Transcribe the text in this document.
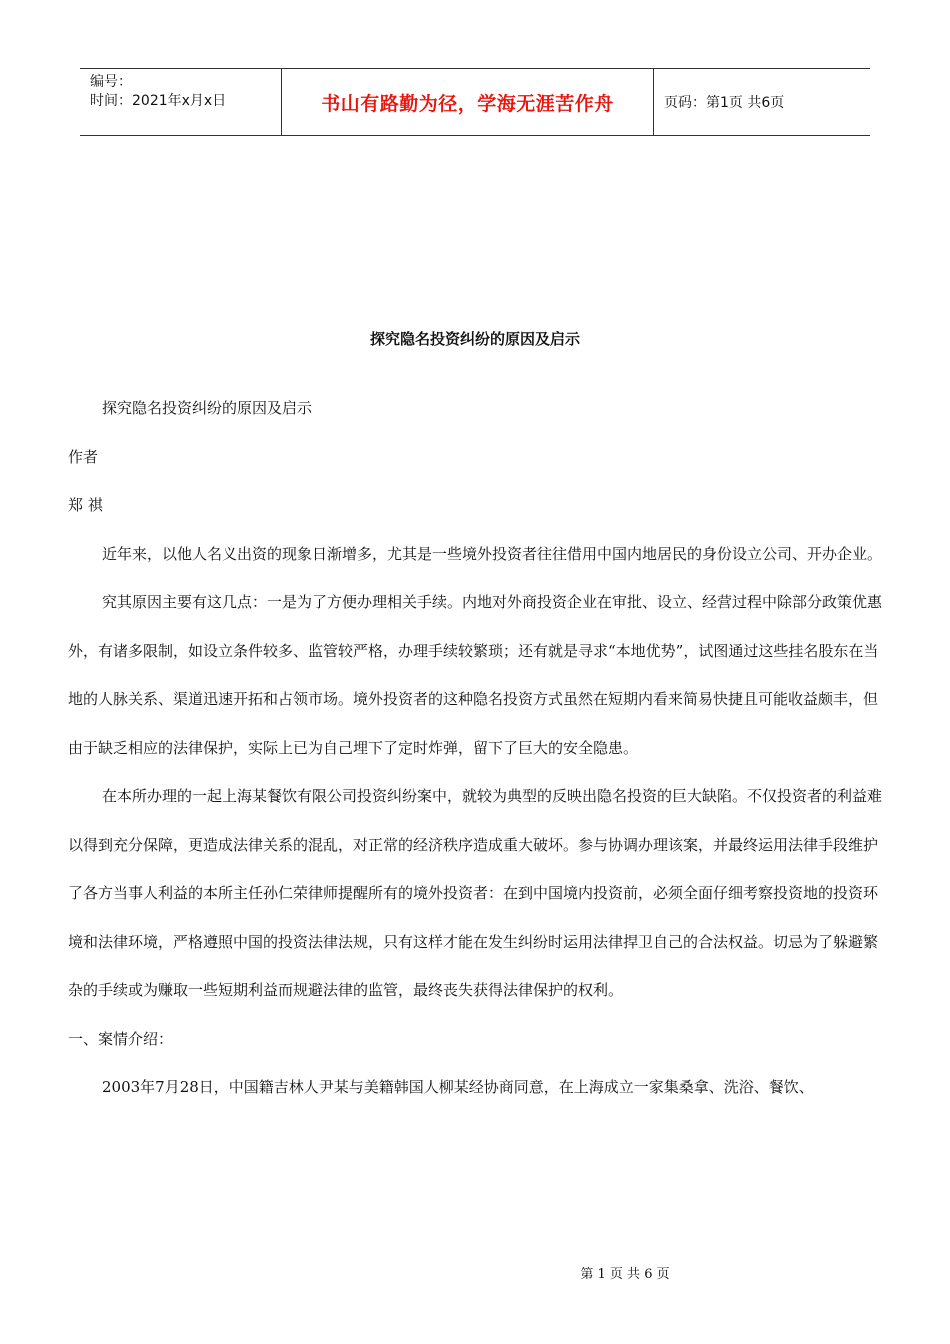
编号：
时间：2021年x月x日	书山有路勤为径，学海无涯苦作舟	页码：第1页 共6页
探究隐名投资纠纷的原因及启示

探究隐名投资纠纷的原因及启示

作者

郑 祺

近年来，以他人名义出资的现象日渐增多，尤其是一些境外投资者往往借用中国内地居民的身份设立公司、开办企业。

究其原因主要有这几点：一是为了方便办理相关手续。内地对外商投资企业在审批、设立、经营过程中除部分政策优惠外，有诸多限制，如设立条件较多、监管较严格，办理手续较繁琐；还有就是寻求“本地优势”，试图通过这些挂名股东在当地的人脉关系、渠道迅速开拓和占领市场。境外投资者的这种隐名投资方式虽然在短期内看来简易快捷且可能收益颇丰，但由于缺乏相应的法律保护，实际上已为自己埋下了定时炸弹，留下了巨大的安全隐患。

在本所办理的一起上海某餐饮有限公司投资纠纷案中，就较为典型的反映出隐名投资的巨大缺陷。不仅投资者的利益难以得到充分保障，更造成法律关系的混乱，对正常的经济秩序造成重大破坏。参与协调办理该案，并最终运用法律手段维护了各方当事人利益的本所主任孙仁荣律师提醒所有的境外投资者：在到中国境内投资前，必须全面仔细考察投资地的投资环境和法律环境，严格遵照中国的投资法律法规，只有这样才能在发生纠纷时运用法律捍卫自己的合法权益。切忌为了躲避繁杂的手续或为赚取一些短期利益而规避法律的监管，最终丧失获得法律保护的权利。

一、案情介绍：

2003年7月28日，中国籍吉林人尹某与美籍韩国人柳某经协商同意，在上海成立一家集桑拿、洗浴、餐饮、

第 1 页 共 6 页
